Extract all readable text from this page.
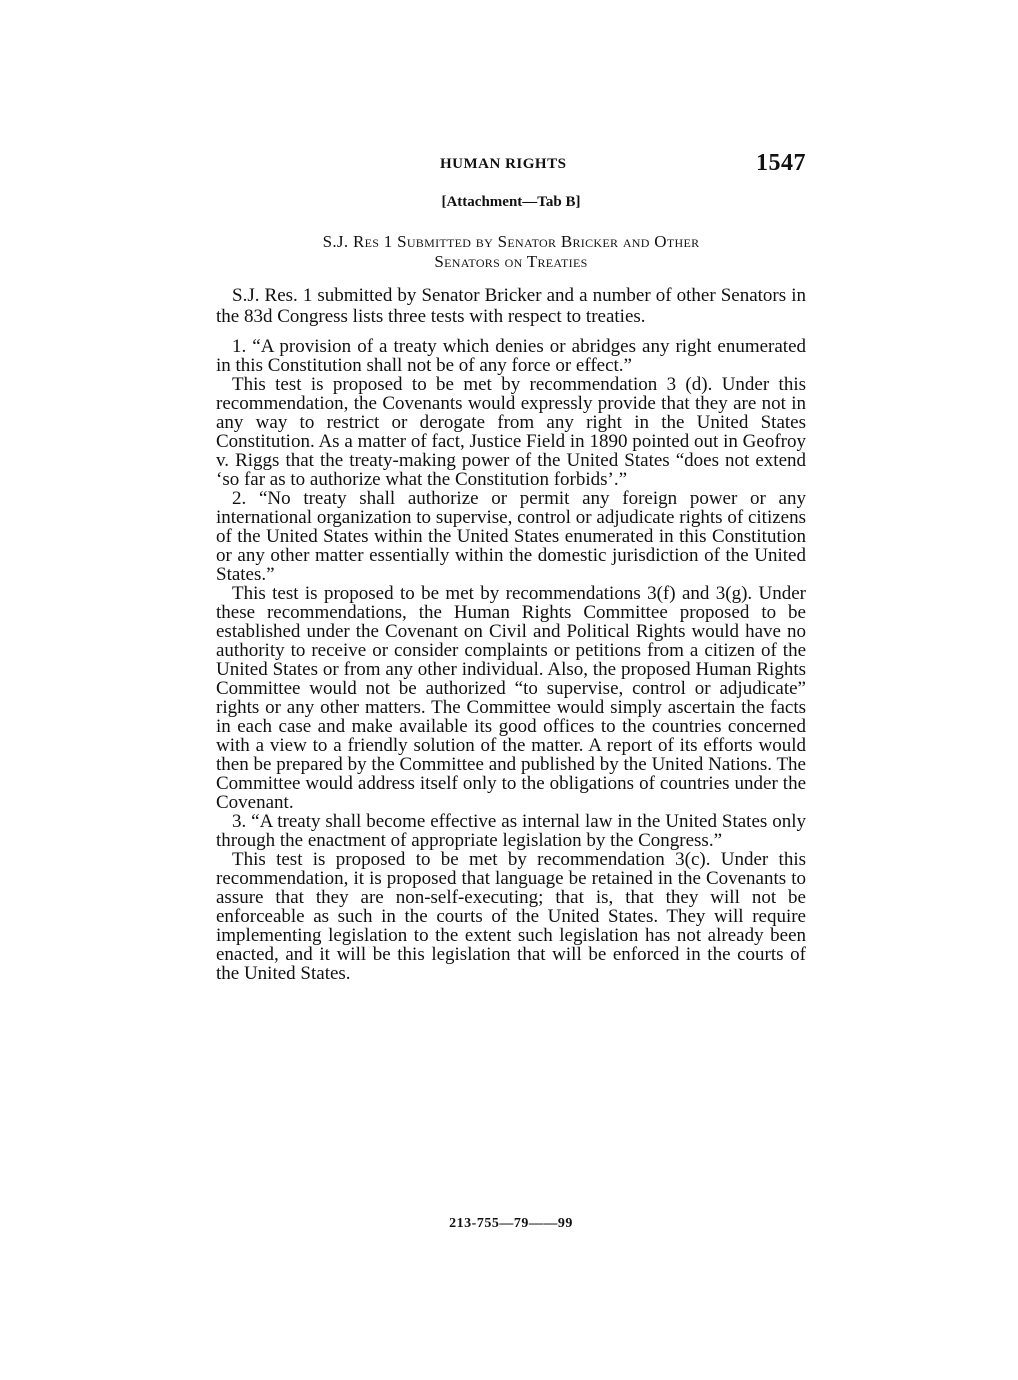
HUMAN RIGHTS	1547
[Attachment—Tab B]
S.J. Res 1 Submitted by Senator Bricker and Other
Senators on Treaties

S.J. Res. 1 submitted by Senator Bricker and a number of other Senators in the 83d Congress lists three tests with respect to treaties.

1. “A provision of a treaty which denies or abridges any right enumerated in this Constitution shall not be of any force or effect.”

This test is proposed to be met by recommendation 3 (d). Under this recommendation, the Covenants would expressly provide that they are not in any way to restrict or derogate from any right in the United States Constitution. As a matter of fact, Justice Field in 1890 pointed out in Geofroy v. Riggs that the treaty-making power of the United States “does not extend ‘so far as to authorize what the Constitution forbids’.”

2. “No treaty shall authorize or permit any foreign power or any international organization to supervise, control or adjudicate rights of citizens of the United States within the United States enumerated in this Constitution or any other matter essentially within the domestic jurisdiction of the United States.”

This test is proposed to be met by recommendations 3(f) and 3(g). Under these recommendations, the Human Rights Committee proposed to be established under the Covenant on Civil and Political Rights would have no authority to receive or consider complaints or petitions from a citizen of the United States or from any other individual. Also, the proposed Human Rights Committee would not be authorized “to supervise, control or adjudicate” rights or any other matters. The Committee would simply ascertain the facts in each case and make available its good offices to the countries concerned with a view to a friendly solution of the matter. A report of its efforts would then be prepared by the Committee and published by the United Nations. The Committee would address itself only to the obligations of countries under the Covenant.

3. “A treaty shall become effective as internal law in the United States only through the enactment of appropriate legislation by the Congress.”

This test is proposed to be met by recommendation 3(c). Under this recommendation, it is proposed that language be retained in the Covenants to assure that they are non-self-executing; that is, that they will not be enforceable as such in the courts of the United States. They will require implementing legislation to the extent such legislation has not already been enacted, and it will be this legislation that will be enforced in the courts of the United States.

213-755—79——99
